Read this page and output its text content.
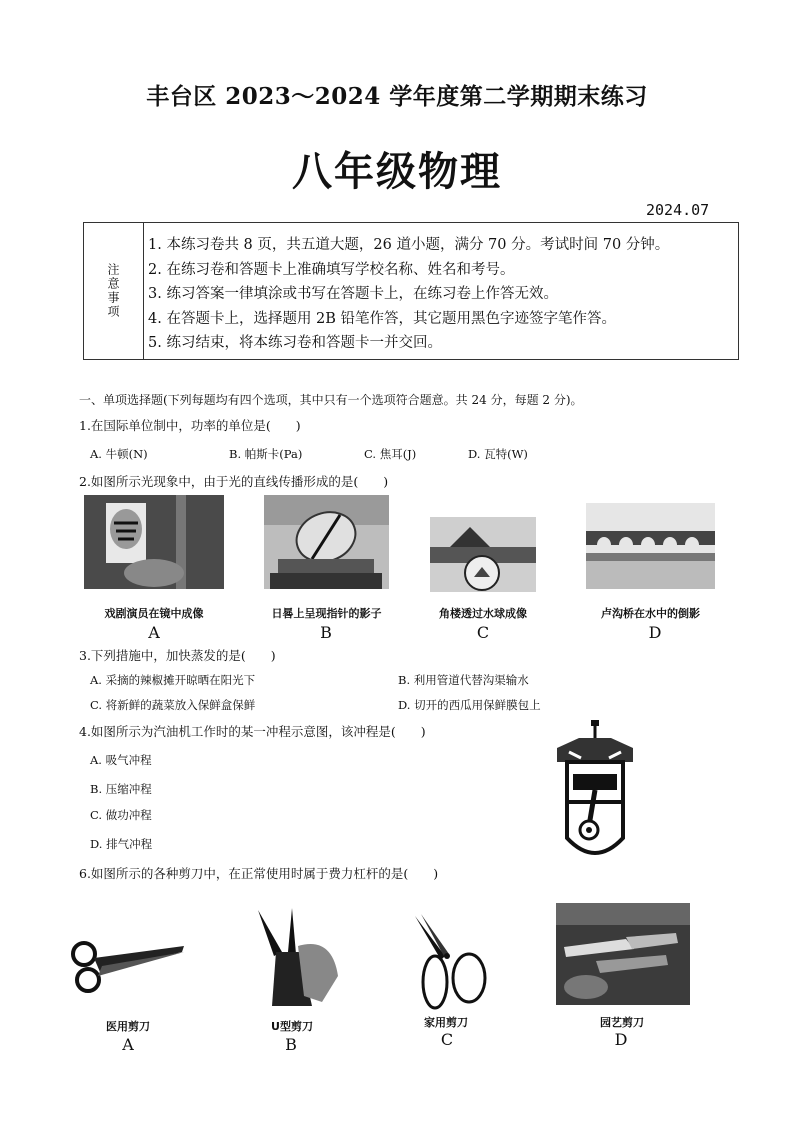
丰台区 2023～2024 学年度第二学期期末练习
八年级物理
2024.07
注意事项
1. 本练习卷共 8 页，共五道大题，26 道小题，满分 70 分。考试时间 70 分钟。
2. 在练习卷和答题卡上准确填写学校名称、姓名和考号。
3. 练习答案一律填涂或书写在答题卡上，在练习卷上作答无效。
4. 在答题卡上，选择题用 2B 铅笔作答，其它题用黑色字迹签字笔作答。
5. 练习结束，将本练习卷和答题卡一并交回。
一、单项选择题(下列每题均有四个选项，其中只有一个选项符合题意。共 24 分，每题 2 分)。
1.在国际单位制中，功率的单位是(　　)
A. 牛顿(N)	B. 帕斯卡(Pa)	C. 焦耳(J)	D. 瓦特(W)
2.如图所示光现象中，由于光的直线传播形成的是(　　)
戏剧演员在镜中成像
A
日晷上呈现指针的影子
B
角楼透过水球成像
C
卢沟桥在水中的倒影
D
3.下列措施中，加快蒸发的是(　　)
A. 采摘的辣椒摊开晾晒在阳光下	B. 利用管道代替沟渠输水
C. 将新鲜的蔬菜放入保鲜盒保鲜	D. 切开的西瓜用保鲜膜包上
4.如图所示为汽油机工作时的某一冲程示意图，该冲程是(　　)
A. 吸气冲程
B. 压缩冲程
C. 做功冲程
D. 排气冲程
6.如图所示的各种剪刀中，在正常使用时属于费力杠杆的是(　　)
医用剪刀
A
U型剪刀
B
家用剪刀
C
园艺剪刀
D
